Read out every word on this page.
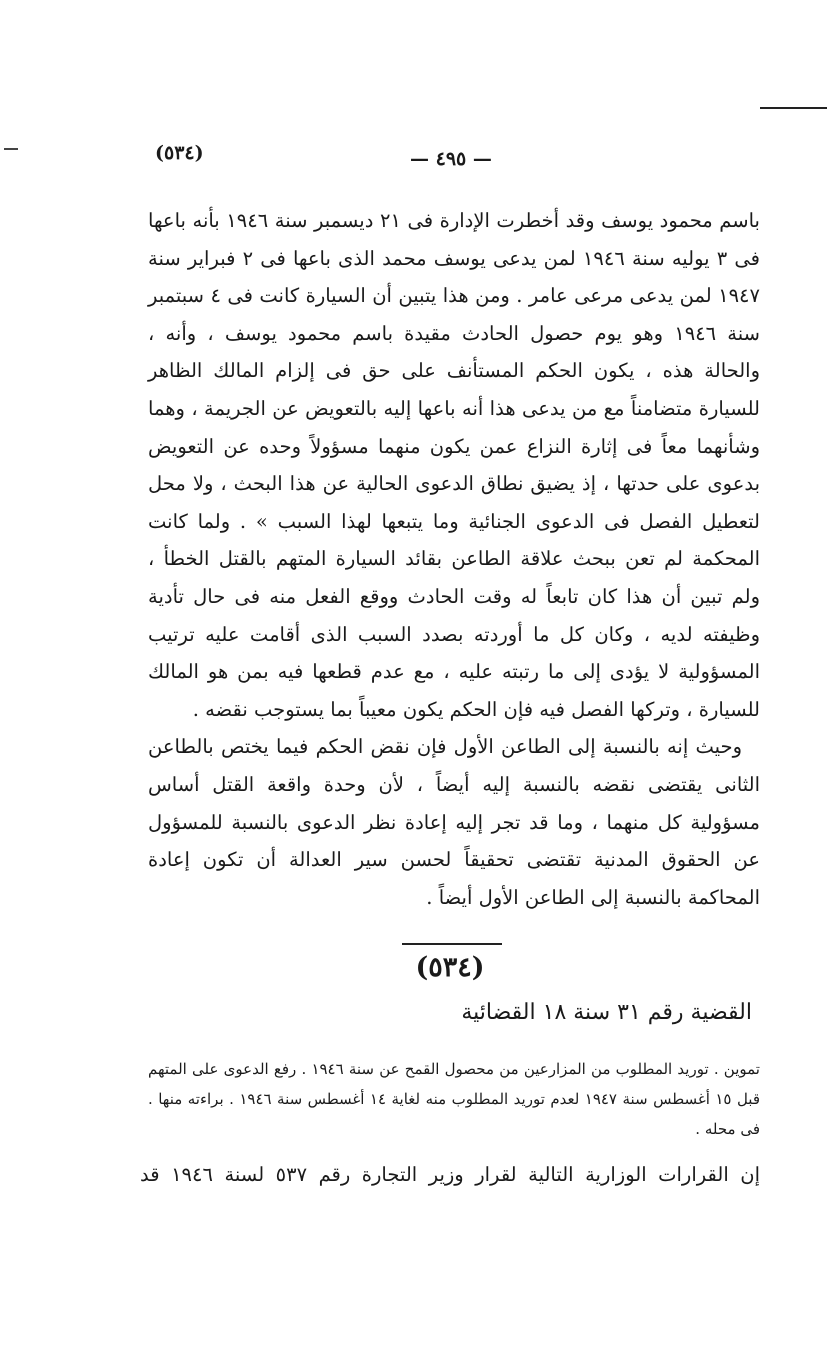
(٥٣٤)	— ٤٩٥ —

باسم محمود يوسف وقد أخطرت الإدارة فى ٢١ ديسمبر سنة ١٩٤٦ بأنه باعها فى ٣ يوليه سنة ١٩٤٦ لمن يدعى يوسف محمد الذى باعها فى ٢ فبراير سنة ١٩٤٧ لمن يدعى مرعى عامر . ومن هذا يتبين أن السيارة كانت فى ٤ سبتمبر سنة ١٩٤٦ وهو يوم حصول الحادث مقيدة باسم محمود يوسف ، وأنه ، والحالة هذه ، يكون الحكم المستأنف على حق فى إلزام المالك الظاهر للسيارة متضامناً مع من يدعى هذا أنه باعها إليه بالتعويض عن الجريمة ، وهما وشأنهما معاً فى إثارة النزاع عمن يكون منهما مسؤولاً وحده عن التعويض بدعوى على حدتها ، إذ يضيق نطاق الدعوى الحالية عن هذا البحث ، ولا محل لتعطيل الفصل فى الدعوى الجنائية وما يتبعها لهذا السبب » . ولما كانت المحكمة لم تعن ببحث علاقة الطاعن بقائد السيارة المتهم بالقتل الخطأ ، ولم تبين أن هذا كان تابعاً له وقت الحادث ووقع الفعل منه فى حال تأدية وظيفته لديه ، وكان كل ما أوردته بصدد السبب الذى أقامت عليه ترتيب المسؤولية لا يؤدى إلى ما رتبته عليه ، مع عدم قطعها فيه بمن هو المالك للسيارة ، وتركها الفصل فيه فإن الحكم يكون معيباً بما يستوجب نقضه .

وحيث إنه بالنسبة إلى الطاعن الأول فإن نقض الحكم فيما يختص بالطاعن الثانى يقتضى نقضه بالنسبة إليه أيضاً ، لأن وحدة واقعة القتل أساس مسؤولية كل منهما ، وما قد تجر إليه إعادة نظر الدعوى بالنسبة للمسؤول عن الحقوق المدنية تقتضى تحقيقاً لحسن سير العدالة أن تكون إعادة المحاكمة بالنسبة إلى الطاعن الأول أيضاً .

(٥٣٤)
القضية رقم ٣١ سنة ١٨ القضائية

تموين . توريد المطلوب من المزارعين من محصول القمح عن سنة ١٩٤٦ . رفع الدعوى على المتهم قبل ١٥ أغسطس سنة ١٩٤٧ لعدم توريد المطلوب منه لغاية ١٤ أغسطس سنة ١٩٤٦ . براءته منها . فى محله .

إن القرارات الوزارية التالية لقرار وزير التجارة رقم ٥٣٧ لسنة ١٩٤٦ قد
